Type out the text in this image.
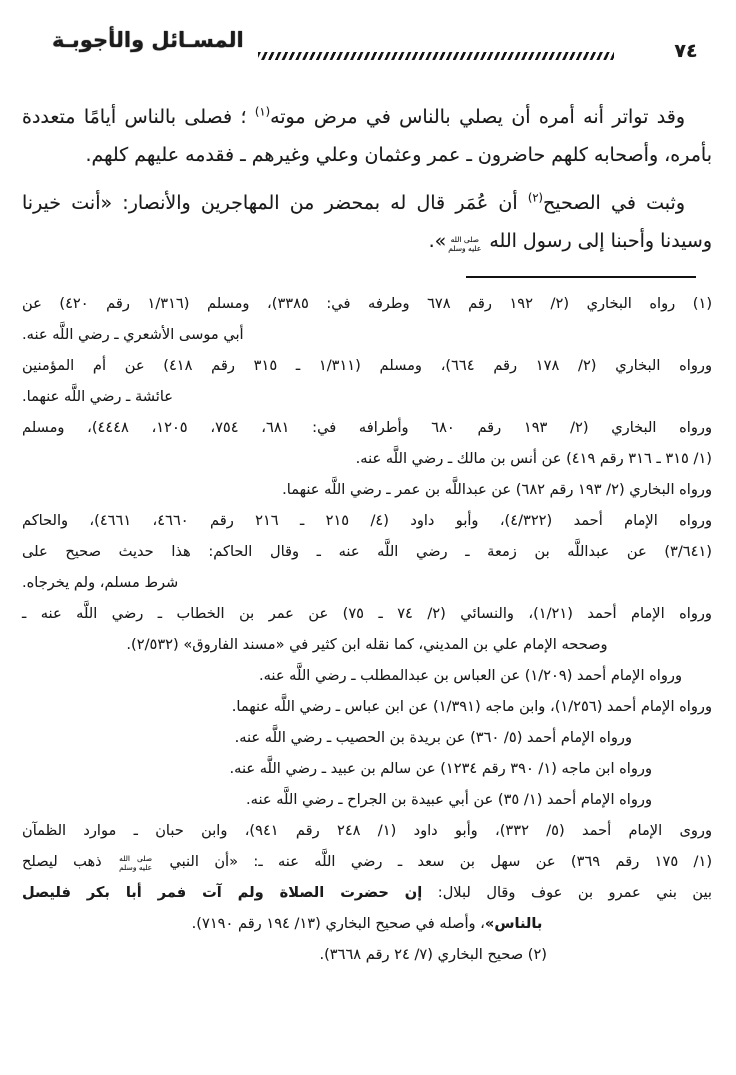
المسـائل والأجوبـة	٧٤
وقد تواتر أنه أمره أن يصلي بالناس في مرض موته$^{(١)}$ ؛ فصلى بالناس أيامًا متعددة بأمره، وأصحابه كلهم حاضرون ـ عمر وعثمان وعلي وغيرهم ـ فقدمه عليهم كلهم.
وثبت في الصحيح$^{(٢)}$ أن عُمَر قال له بمحضر من المهاجرين والأنصار: «أنت خيرنا وسيدنا وأحبنا إلى رسول الله
صلى الله
عليه وسلم
».
(١) رواه البخاري (٢/ ١٩٢ رقم ٦٧٨ وطرفه في: ٣٣٨٥)، ومسلم (١/٣١٦ رقم ٤٢٠) عن
أبي موسى الأشعري ـ رضي اللَّه عنه.
ورواه البخاري (٢/ ١٧٨ رقم ٦٦٤)، ومسلم (١/٣١١ ـ ٣١٥ رقم ٤١٨) عن أم المؤمنين
عائشة ـ رضي اللَّه عنهما.
ورواه البخاري (٢/ ١٩٣ رقم ٦٨٠ وأطرافه في: ٦٨١، ٧٥٤، ١٢٠٥، ٤٤٤٨)، ومسلم
(١/ ٣١٥ ـ ٣١٦ رقم ٤١٩) عن أنس بن مالك ـ رضي اللَّه عنه.
ورواه البخاري (٢/ ١٩٣ رقم ٦٨٢) عن عبداللَّه بن عمر ـ رضي اللَّه عنهما.
ورواه الإمام أحمد (٤/٣٢٢)، وأبو داود (٤/ ٢١٥ ـ ٢١٦ رقم ٤٦٦٠، ٤٦٦١)، والحاكم
(٣/٦٤١) عن عبداللَّه بن زمعة ـ رضي اللَّه عنه ـ وقال الحاكم: هذا حديث صحيح على
شرط مسلم، ولم يخرجاه.
ورواه الإمام أحمد (١/٢١)، والنسائي (٢/ ٧٤ ـ ٧٥) عن عمر بن الخطاب ـ رضي اللَّه عنه ـ
وصححه الإمام علي بن المديني، كما نقله ابن كثير في «مسند الفاروق» (٢/٥٣٢).
ورواه الإمام أحمد (١/٢٠٩) عن العباس بن عبدالمطلب ـ رضي اللَّه عنه.
ورواه الإمام أحمد (١/٢٥٦)، وابن ماجه (١/٣٩١) عن ابن عباس ـ رضي اللَّه عنهما.
ورواه الإمام أحمد (٥/ ٣٦٠) عن بريدة بن الحصيب ـ رضي اللَّه عنه.
ورواه ابن ماجه (١/ ٣٩٠ رقم ١٢٣٤) عن سالم بن عبيد ـ رضي اللَّه عنه.
ورواه الإمام أحمد (١/ ٣٥) عن أبي عبيدة بن الجراح ـ رضي اللَّه عنه.
وروى الإمام أحمد (٥/ ٣٣٢)، وأبو داود (١/ ٢٤٨ رقم ٩٤١)، وابن حبان ـ موارد الظمآن
(١/ ١٧٥ رقم ٣٦٩) عن سهل بن سعد ـ رضي اللَّه عنه ـ: «أن النبي
صلى الله
عليه وسلم
ذهب ليصلح
بين بني عمرو بن عوف وقال لبلال: إن حضرت الصلاة ولم آت فمر أبا بكر فليصل
بالناس»، وأصله في صحيح البخاري (١٣/ ١٩٤ رقم ٧١٩٠).
(٢) صحيح البخاري (٧/ ٢٤ رقم ٣٦٦٨).
